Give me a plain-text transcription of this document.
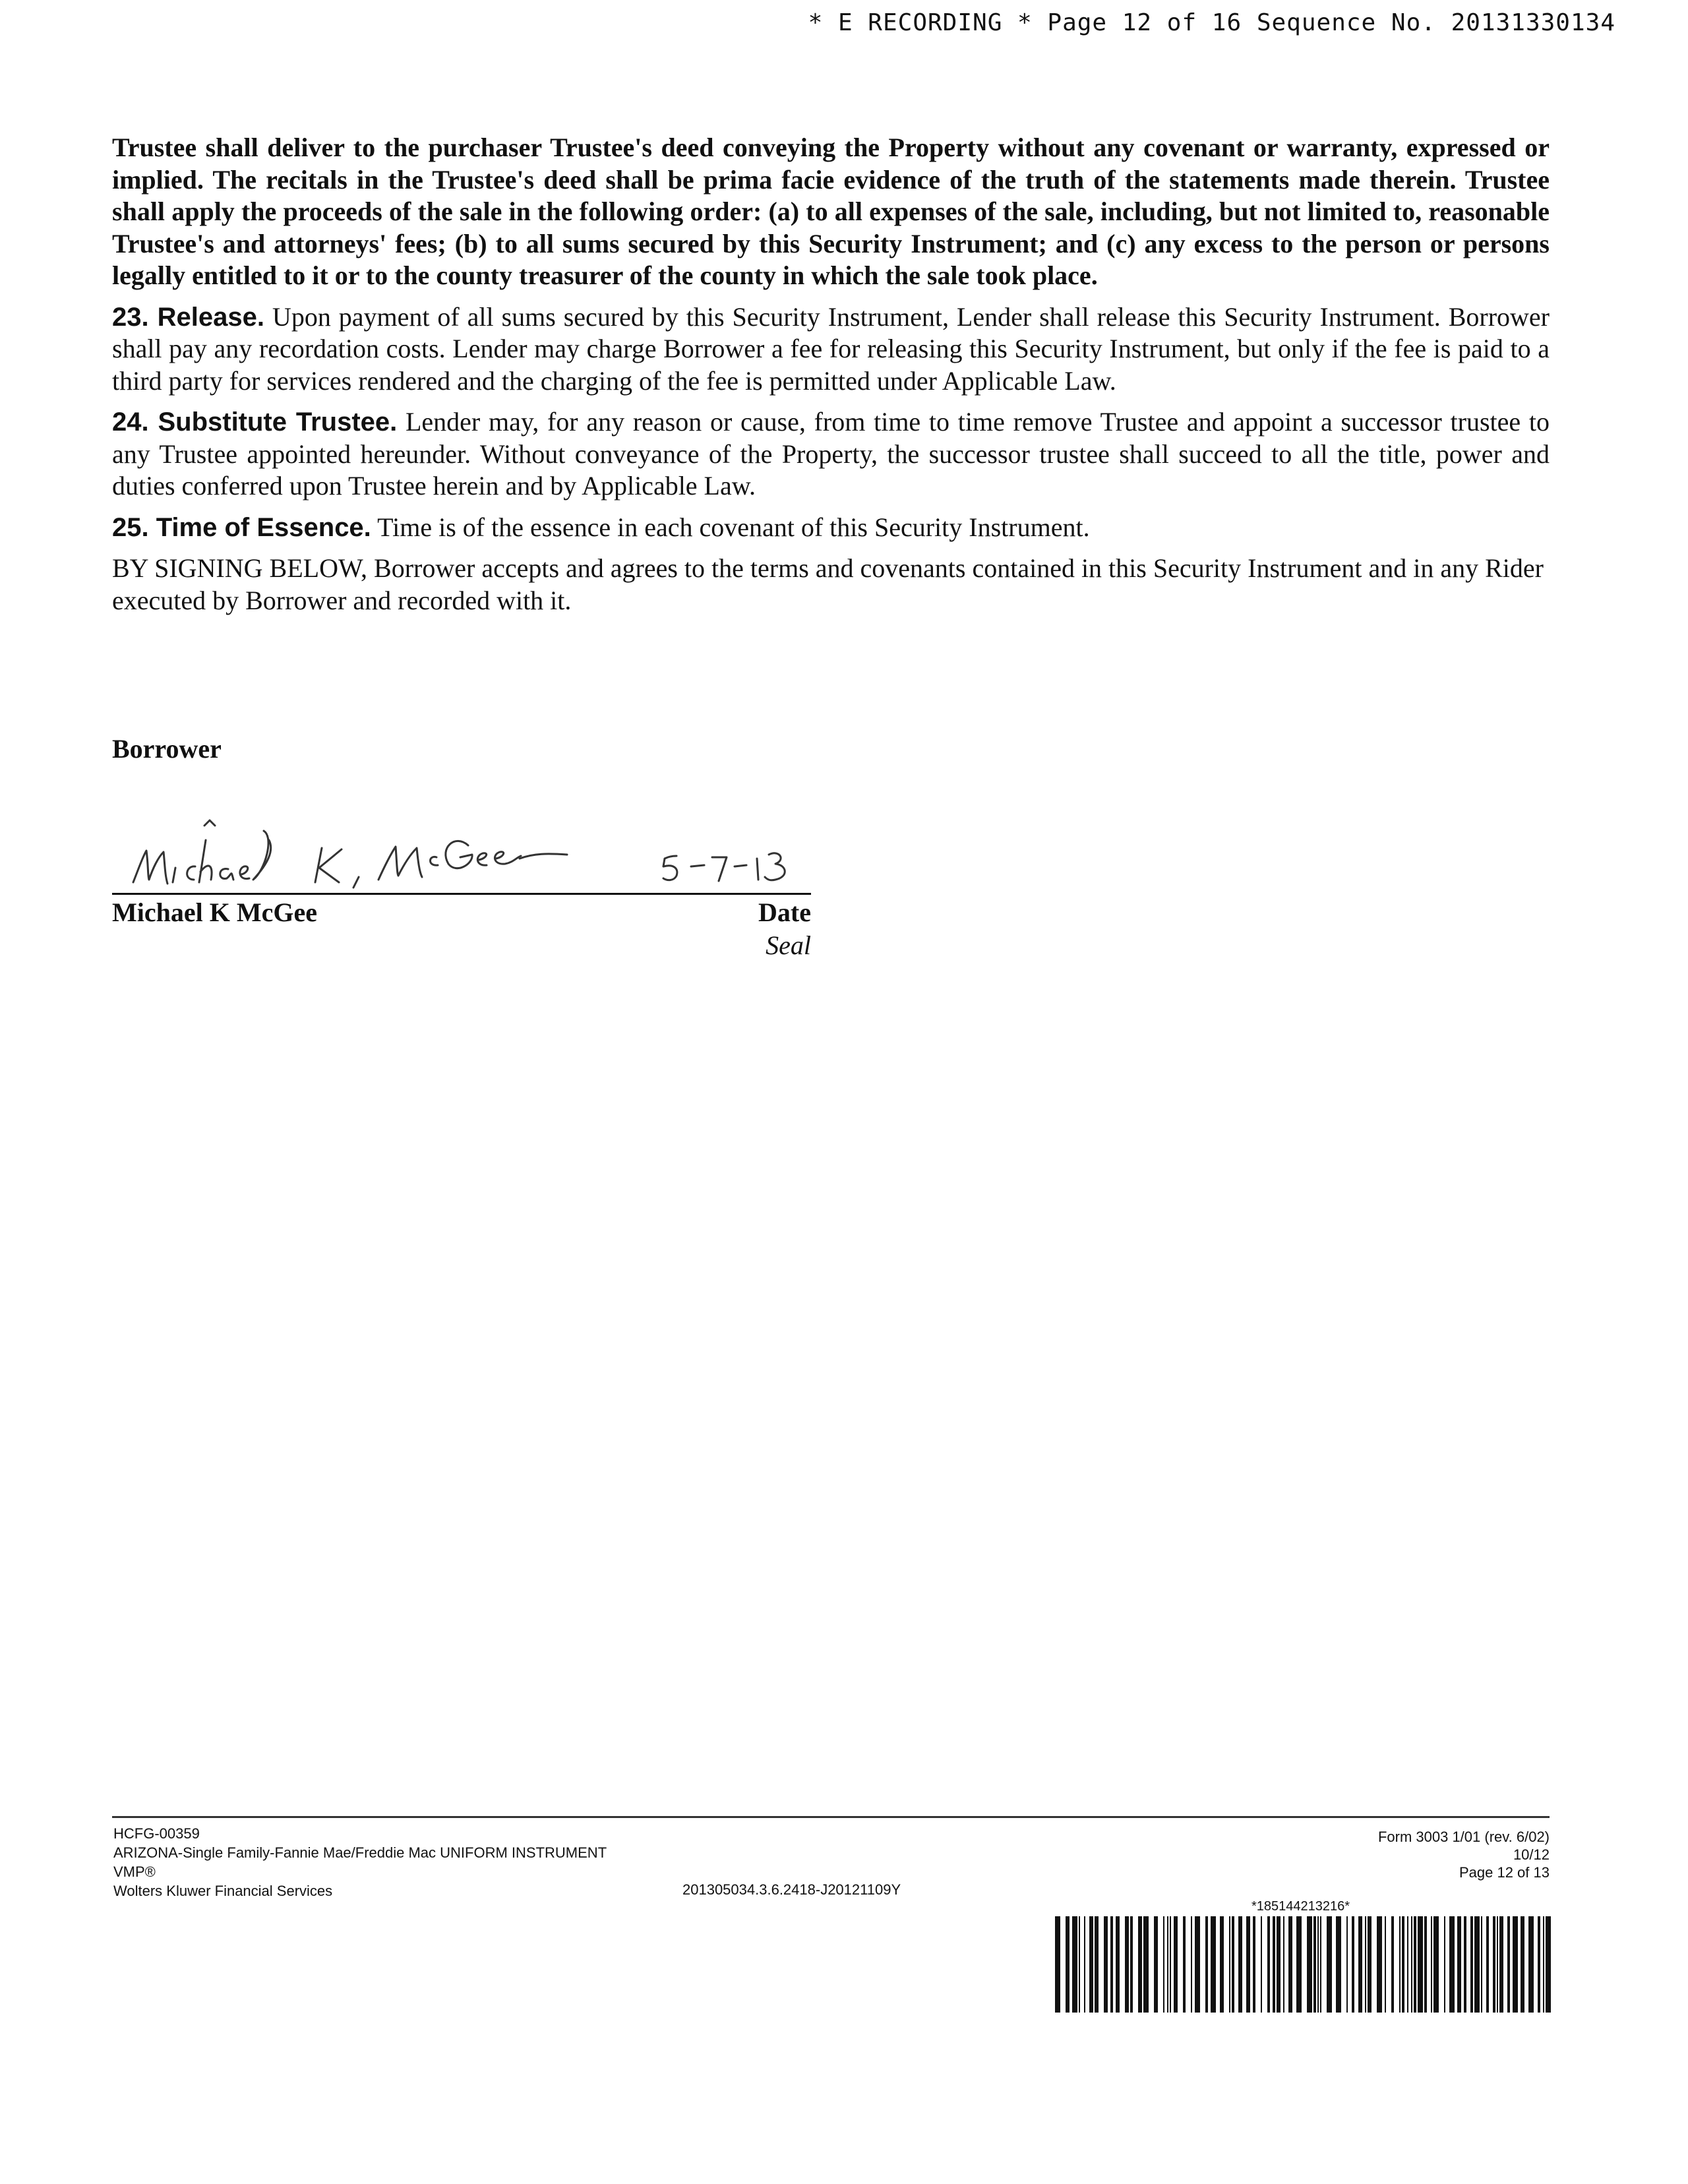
* E RECORDING * Page 12 of 16 Sequence No. 20131330134

Trustee shall deliver to the purchaser Trustee's deed conveying the Property without any covenant or warranty, expressed or implied. The recitals in the Trustee's deed shall be prima facie evidence of the truth of the statements made therein. Trustee shall apply the proceeds of the sale in the following order: (a) to all expenses of the sale, including, but not limited to, reasonable Trustee's and attorneys' fees; (b) to all sums secured by this Security Instrument; and (c) any excess to the person or persons legally entitled to it or to the county treasurer of the county in which the sale took place.

23. Release. Upon payment of all sums secured by this Security Instrument, Lender shall release this Security Instrument. Borrower shall pay any recordation costs. Lender may charge Borrower a fee for releasing this Security Instrument, but only if the fee is paid to a third party for services rendered and the charging of the fee is permitted under Applicable Law.

24. Substitute Trustee. Lender may, for any reason or cause, from time to time remove Trustee and appoint a successor trustee to any Trustee appointed hereunder. Without conveyance of the Property, the successor trustee shall succeed to all the title, power and duties conferred upon Trustee herein and by Applicable Law.

25. Time of Essence. Time is of the essence in each covenant of this Security Instrument.

BY SIGNING BELOW, Borrower accepts and agrees to the terms and covenants contained in this Security Instrument and in any Rider executed by Borrower and recorded with it.

Borrower
Michael K McGee	Date
Seal
HCFG-00359
ARIZONA-Single Family-Fannie Mae/Freddie Mac UNIFORM INSTRUMENT
VMP®
Wolters Kluwer Financial Services	201305034.3.6.2418-J20121109Y
Form 3003 1/01 (rev. 6/02)
10/12
Page 12 of 13
*185144213216*
